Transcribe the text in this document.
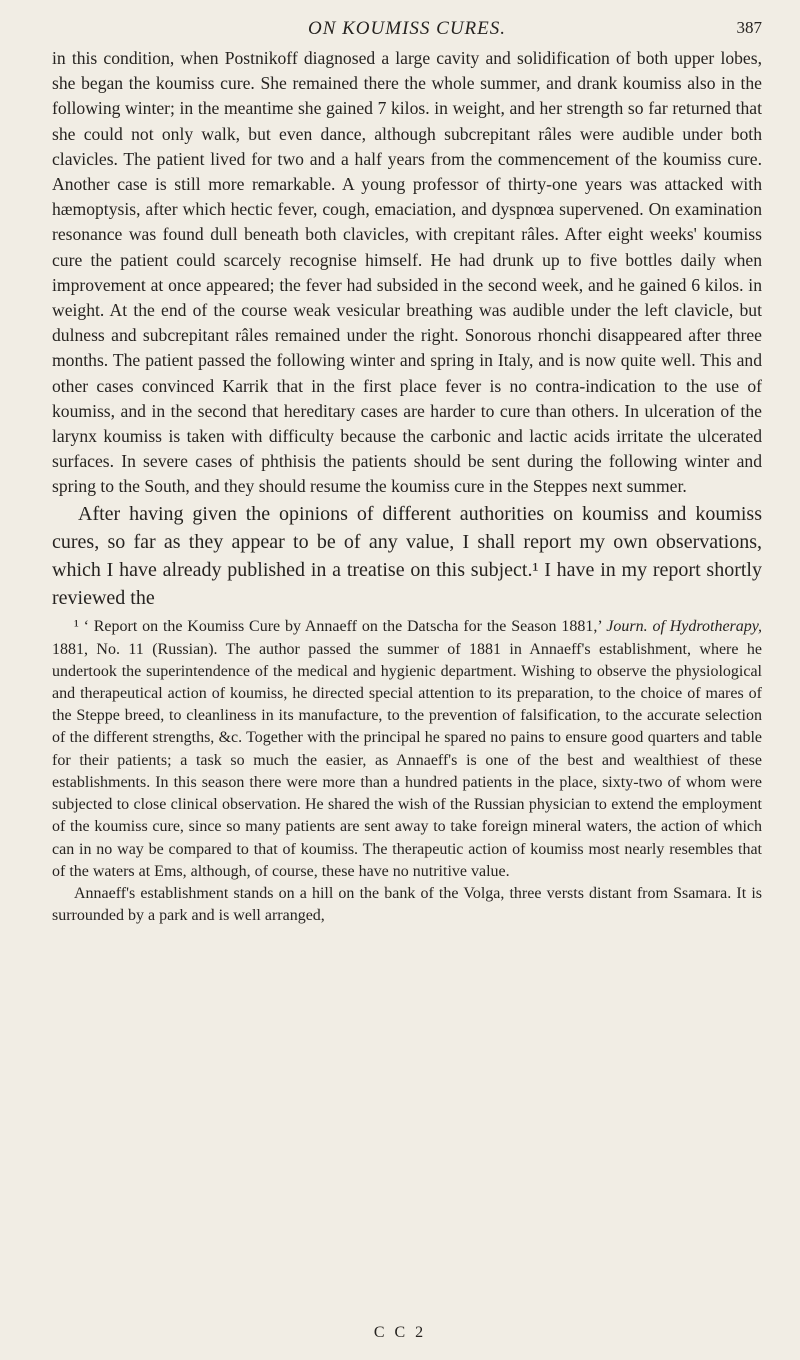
ON KOUMISS CURES.	387

in this condition, when Postnikoff diagnosed a large cavity and solidification of both upper lobes, she began the koumiss cure. She remained there the whole summer, and drank koumiss also in the following winter; in the meantime she gained 7 kilos. in weight, and her strength so far returned that she could not only walk, but even dance, although subcrepitant râles were audible under both clavicles. The patient lived for two and a half years from the commencement of the koumiss cure. Another case is still more remarkable. A young professor of thirty-one years was attacked with hæmoptysis, after which hectic fever, cough, emaciation, and dyspnœa supervened. On examination resonance was found dull beneath both clavicles, with crepitant râles. After eight weeks' koumiss cure the patient could scarcely recognise himself. He had drunk up to five bottles daily when improvement at once appeared; the fever had subsided in the second week, and he gained 6 kilos. in weight. At the end of the course weak vesicular breathing was audible under the left clavicle, but dulness and subcrepitant râles remained under the right. Sonorous rhonchi disappeared after three months. The patient passed the following winter and spring in Italy, and is now quite well. This and other cases convinced Karrik that in the first place fever is no contra-indication to the use of koumiss, and in the second that hereditary cases are harder to cure than others. In ulceration of the larynx koumiss is taken with difficulty because the carbonic and lactic acids irritate the ulcerated surfaces. In severe cases of phthisis the patients should be sent during the following winter and spring to the South, and they should resume the koumiss cure in the Steppes next summer.

After having given the opinions of different authorities on koumiss and koumiss cures, so far as they appear to be of any value, I shall report my own observations, which I have already published in a treatise on this subject.¹ I have in my report shortly reviewed the

¹ ‘ Report on the Koumiss Cure by Annaeff on the Datscha for the Season 1881,’ Journ. of Hydrotherapy, 1881, No. 11 (Russian). The author passed the summer of 1881 in Annaeff's establishment, where he undertook the superintendence of the medical and hygienic department. Wishing to observe the physiological and therapeutical action of koumiss, he directed special attention to its preparation, to the choice of mares of the Steppe breed, to cleanliness in its manufacture, to the prevention of falsification, to the accurate selection of the different strengths, &c. Together with the principal he spared no pains to ensure good quarters and table for their patients; a task so much the easier, as Annaeff's is one of the best and wealthiest of these establishments. In this season there were more than a hundred patients in the place, sixty-two of whom were subjected to close clinical observation. He shared the wish of the Russian physician to extend the employment of the koumiss cure, since so many patients are sent away to take foreign mineral waters, the action of which can in no way be compared to that of koumiss. The therapeutic action of koumiss most nearly resembles that of the waters at Ems, although, of course, these have no nutritive value.

Annaeff's establishment stands on a hill on the bank of the Volga, three versts distant from Ssamara. It is surrounded by a park and is well arranged,

C C 2
